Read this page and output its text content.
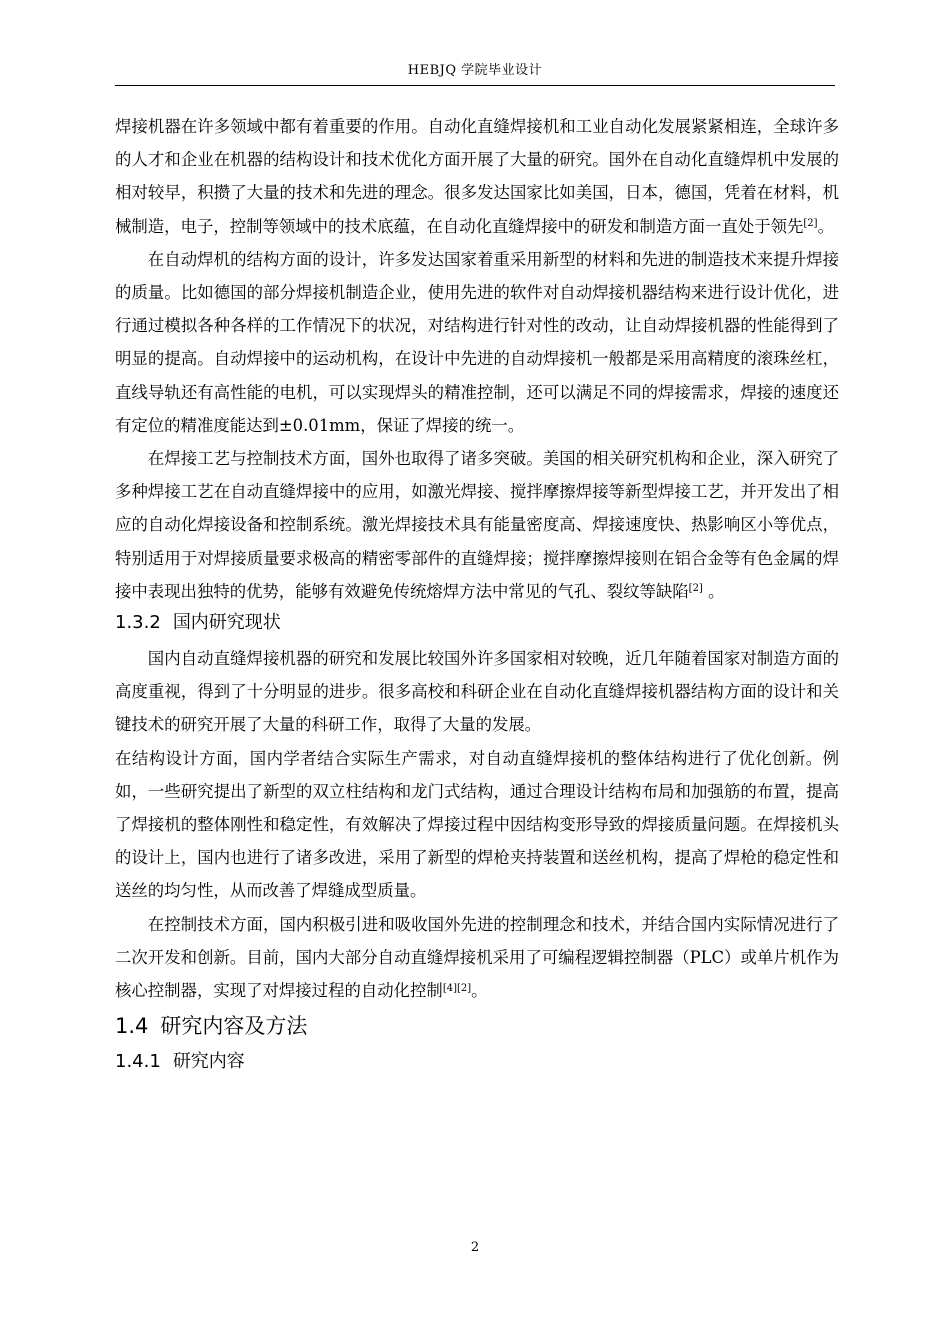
HEBJQ 学院毕业设计

焊接机器在许多领域中都有着重要的作用。自动化直缝焊接机和工业自动化发展紧紧相连，全球许多的人才和企业在机器的结构设计和技术优化方面开展了大量的研究。国外在自动化直缝焊机中发展的相对较早，积攒了大量的技术和先进的理念。很多发达国家比如美国，日本，德国，凭着在材料，机械制造，电子，控制等领域中的技术底蕴，在自动化直缝焊接中的研发和制造方面一直处于领先[2]。

在自动焊机的结构方面的设计，许多发达国家着重采用新型的材料和先进的制造技术来提升焊接的质量。比如德国的部分焊接机制造企业，使用先进的软件对自动焊接机器结构来进行设计优化，进行通过模拟各种各样的工作情况下的状况，对结构进行针对性的改动，让自动焊接机器的性能得到了明显的提高。自动焊接中的运动机构，在设计中先进的自动焊接机一般都是采用高精度的滚珠丝杠，直线导轨还有高性能的电机，可以实现焊头的精准控制，还可以满足不同的焊接需求，焊接的速度还有定位的精准度能达到±0.01mm，保证了焊接的统一。

在焊接工艺与控制技术方面，国外也取得了诸多突破。美国的相关研究机构和企业，深入研究了多种焊接工艺在自动直缝焊接中的应用，如激光焊接、搅拌摩擦焊接等新型焊接工艺，并开发出了相应的自动化焊接设备和控制系统。激光焊接技术具有能量密度高、焊接速度快、热影响区小等优点，特别适用于对焊接质量要求极高的精密零部件的直缝焊接；搅拌摩擦焊接则在铝合金等有色金属的焊接中表现出独特的优势，能够有效避免传统熔焊方法中常见的气孔、裂纹等缺陷[2] 。

1.3.2 国内研究现状

国内自动直缝焊接机器的研究和发展比较国外许多国家相对较晚，近几年随着国家对制造方面的高度重视，得到了十分明显的进步。很多高校和科研企业在自动化直缝焊接机器结构方面的设计和关键技术的研究开展了大量的科研工作，取得了大量的发展。

在结构设计方面，国内学者结合实际生产需求，对自动直缝焊接机的整体结构进行了优化创新。例如，一些研究提出了新型的双立柱结构和龙门式结构，通过合理设计结构布局和加强筋的布置，提高了焊接机的整体刚性和稳定性，有效解决了焊接过程中因结构变形导致的焊接质量问题。在焊接机头的设计上，国内也进行了诸多改进，采用了新型的焊枪夹持装置和送丝机构，提高了焊枪的稳定性和送丝的均匀性，从而改善了焊缝成型质量。

在控制技术方面，国内积极引进和吸收国外先进的控制理念和技术，并结合国内实际情况进行了二次开发和创新。目前，国内大部分自动直缝焊接机采用了可编程逻辑控制器（PLC）或单片机作为核心控制器，实现了对焊接过程的自动化控制[4][2]。

1.4 研究内容及方法
1.4.1 研究内容
2
